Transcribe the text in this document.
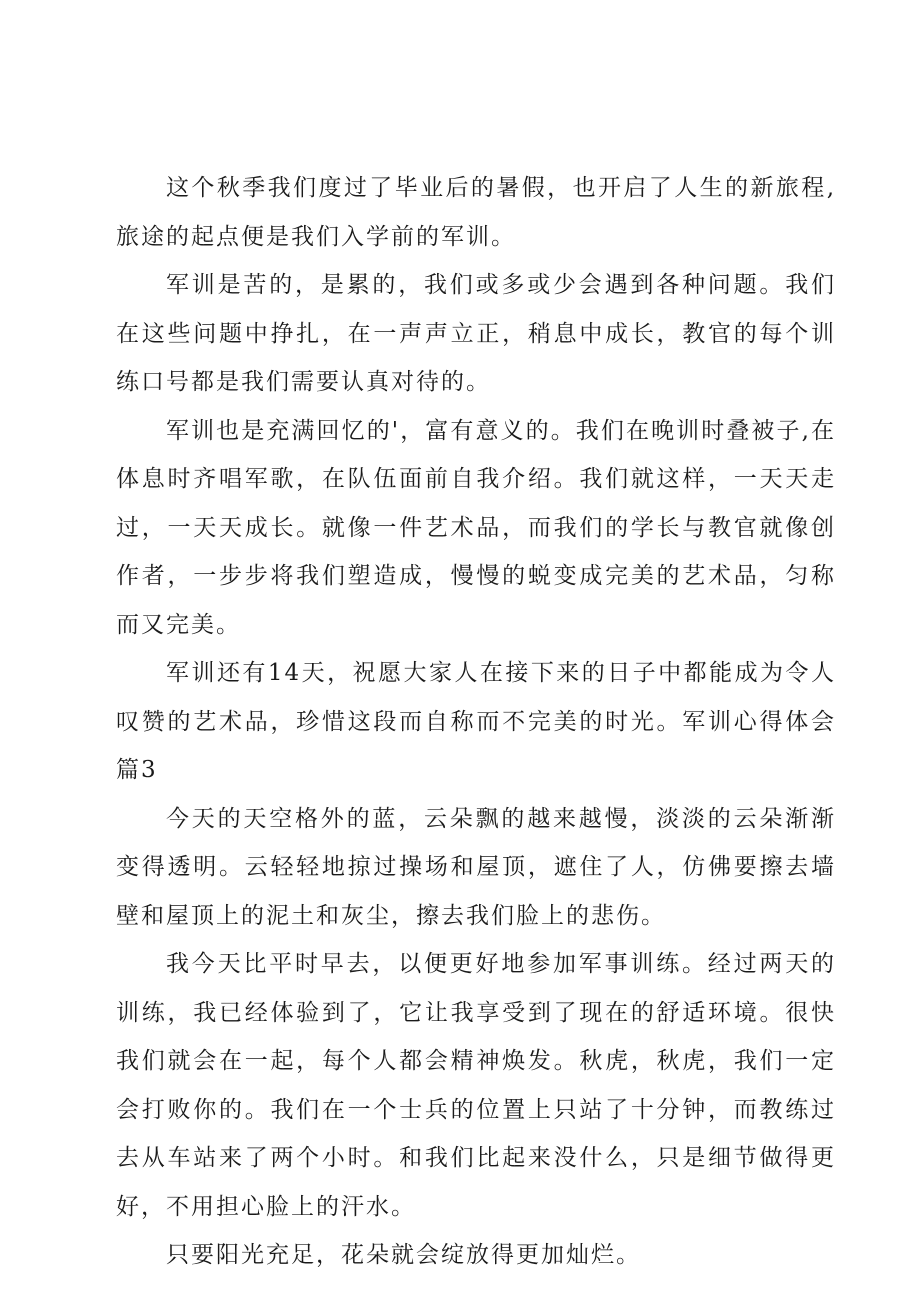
这个秋季我们度过了毕业后的暑假，也开启了人生的新旅程,旅途的起点便是我们入学前的军训。

军训是苦的，是累的，我们或多或少会遇到各种问题。我们在这些问题中挣扎，在一声声立正，稍息中成长，教官的每个训练口号都是我们需要认真对待的。

军训也是充满回忆的'，富有意义的。我们在晚训时叠被子,在体息时齐唱军歌，在队伍面前自我介绍。我们就这样，一天天走过，一天天成长。就像一件艺术品，而我们的学长与教官就像创作者，一步步将我们塑造成，慢慢的蜕变成完美的艺术品，匀称而又完美。

军训还有14天，祝愿大家人在接下来的日子中都能成为令人叹赞的艺术品，珍惜这段而自称而不完美的时光。军训心得体会篇3

今天的天空格外的蓝，云朵飘的越来越慢，淡淡的云朵渐渐变得透明。云轻轻地掠过操场和屋顶，遮住了人，仿佛要擦去墙壁和屋顶上的泥土和灰尘，擦去我们脸上的悲伤。

我今天比平时早去，以便更好地参加军事训练。经过两天的训练，我已经体验到了，它让我享受到了现在的舒适环境。很快我们就会在一起，每个人都会精神焕发。秋虎，秋虎，我们一定会打败你的。我们在一个士兵的位置上只站了十分钟，而教练过去从车站来了两个小时。和我们比起来没什么，只是细节做得更好，不用担心脸上的汗水。

只要阳光充足，花朵就会绽放得更加灿烂。
